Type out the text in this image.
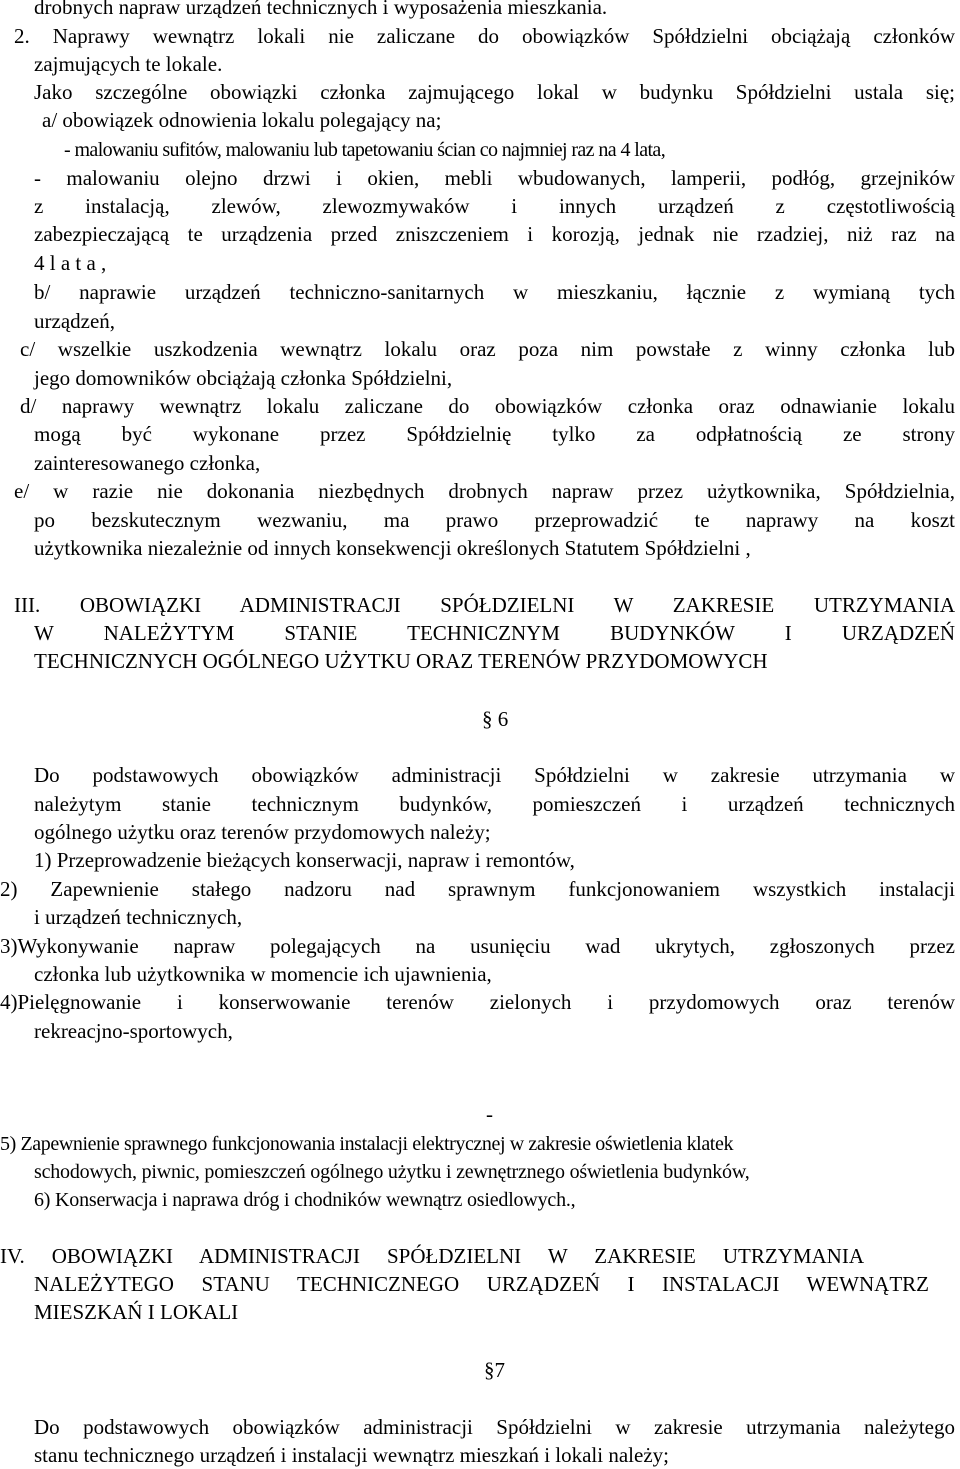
drobnych napraw urządzeń technicznych i wyposażenia mieszkania.
2. Naprawy wewnątrz lokali nie zaliczane do obowiązków Spółdzielni obciążają członków
zajmujących te lokale.
Jako szczególne obowiązki członka zajmującego lokal w budynku Spółdzielni ustala się;
a/ obowiązek odnowienia lokalu polegający na;
- malowaniu sufitów, malowaniu lub tapetowaniu ścian co najmniej raz na 4 lata,
- malowaniu olejno drzwi i okien, mebli wbudowanych, lamperii, podłóg, grzejników
z instalacją, zlewów, zlewozmywaków i innych urządzeń z częstotliwością
zabezpieczającą te urządzenia przed zniszczeniem i korozją, jednak nie rzadziej, niż raz na
4 l a t a ,
b/ naprawie urządzeń techniczno-sanitarnych w mieszkaniu, łącznie z wymianą tych
urządzeń,
c/ wszelkie uszkodzenia wewnątrz lokalu oraz poza nim powstałe z winny członka lub
jego domowników obciążają członka Spółdzielni,
d/ naprawy wewnątrz lokalu zaliczane do obowiązków członka oraz odnawianie lokalu
mogą być wykonane przez Spółdzielnię tylko za odpłatnością ze strony
zainteresowanego członka,
e/ w razie nie dokonania niezbędnych drobnych napraw przez użytkownika, Spółdzielnia,
po bezskutecznym wezwaniu, ma prawo przeprowadzić te naprawy na koszt
użytkownika niezależnie od innych konsekwencji określonych Statutem Spółdzielni ,
III. OBOWIĄZKI ADMINISTRACJI SPÓŁDZIELNI W ZAKRESIE UTRZYMANIA
W NALEŻYTYM STANIE TECHNICZNYM BUDYNKÓW I URZĄDZEŃ
TECHNICZNYCH OGÓLNEGO UŻYTKU ORAZ TERENÓW PRZYDOMOWYCH
§ 6
Do podstawowych obowiązków administracji Spółdzielni w zakresie utrzymania w
należytym stanie technicznym budynków, pomieszczeń i urządzeń technicznych
ogólnego użytku oraz terenów przydomowych należy;
1) Przeprowadzenie bieżących konserwacji, napraw i remontów,
2) Zapewnienie stałego nadzoru nad sprawnym funkcjonowaniem wszystkich instalacji
i urządzeń technicznych,
3)Wykonywanie napraw polegających na usunięciu wad ukrytych, zgłoszonych przez
członka lub użytkownika w momencie ich ujawnienia,
4)Pielęgnowanie i konserwowanie terenów zielonych i przydomowych oraz terenów
rekreacjno-sportowych,
-
5) Zapewnienie sprawnego funkcjonowania instalacji elektrycznej w zakresie oświetlenia klatek
schodowych, piwnic, pomieszczeń ogólnego użytku i zewnętrznego oświetlenia budynków,
6) Konserwacja i naprawa dróg i chodników wewnątrz osiedlowych.,
IV. OBOWIĄZKI ADMINISTRACJI SPÓŁDZIELNI W ZAKRESIE UTRZYMANIA
NALEŻYTEGO STANU TECHNICZNEGO URZĄDZEŃ I INSTALACJI WEWNĄTRZ
MIESZKAŃ I LOKALI
§7
Do podstawowych obowiązków administracji Spółdzielni w zakresie utrzymania należytego
stanu technicznego urządzeń i instalacji wewnątrz mieszkań i lokali należy;
